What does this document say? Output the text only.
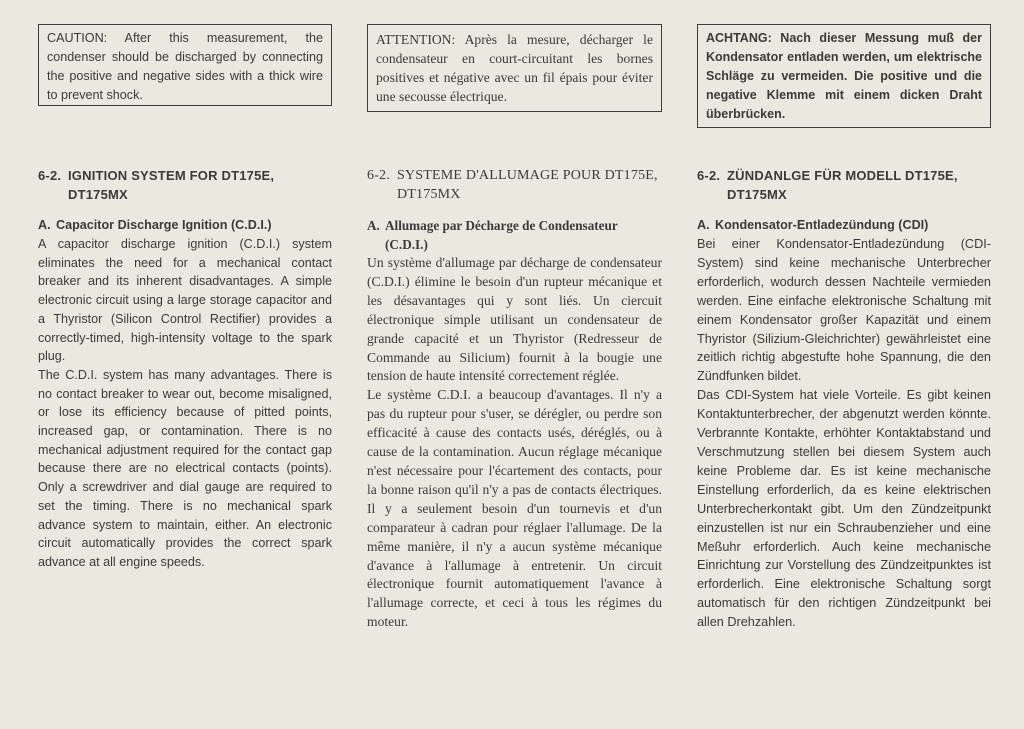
CAUTION: After this measurement, the condenser should be discharged by connecting the positive and negative sides with a thick wire to prevent shock.
6-2. IGNITION SYSTEM FOR DT175E, DT175MX
A. Capacitor Discharge Ignition (C.D.I.)

A capacitor discharge ignition (C.D.I.) system eliminates the need for a mechanical contact breaker and its inherent disadvantages. A simple electronic circuit using a large storage capacitor and a Thyristor (Silicon Control Rectifier) provides a correctly-timed, high-intensity voltage to the spark plug.

The C.D.I. system has many advantages. There is no contact breaker to wear out, become misaligned, or lose its efficiency because of pitted points, increased gap, or contamination. There is no mechanical adjustment required for the contact gap because there are no electrical contacts (points). Only a screwdriver and dial gauge are required to set the timing. There is no mechanical spark advance system to maintain, either. An electronic circuit automatically provides the correct spark advance at all engine speeds.

ATTENTION: Après la mesure, décharger le condensateur en court-circuitant les bornes positives et négative avec un fil épais pour éviter une secousse électrique.
6-2. SYSTEME D'ALLUMAGE POUR DT175E, DT175MX
A. Allumage par Décharge de Condensateur (C.D.I.)

Un système d'allumage par décharge de condensateur (C.D.I.) élimine le besoin d'un rupteur mécanique et les désavantages qui y sont liés. Un ciercuit électronique simple utilisant un condensateur de grande capacité et un Thyristor (Redresseur de Commande au Silicium) fournit à la bougie une tension de haute intensité correctement réglée.

Le système C.D.I. a beaucoup d'avantages. Il n'y a pas du rupteur pour s'user, se dérégler, ou perdre son efficacité à cause des contacts usés, déréglés, ou à cause de la contamination. Aucun réglage mécanique n'est nécessaire pour l'écartement des contacts, pour la bonne raison qu'il n'y a pas de contacts électriques. Il y a seulement besoin d'un tournevis et d'un comparateur à cadran pour réglaer l'allumage. De la même manière, il n'y a aucun système mécanique d'avance à l'allumage à entretenir. Un circuit électronique fournit automatiquement l'avance à l'allumage correcte, et ceci à tous les régimes du moteur.

ACHTANG: Nach dieser Messung muß der Kondensator entladen werden, um elektrische Schläge zu vermeiden. Die positive und die negative Klemme mit einem dicken Draht überbrücken.
6-2. ZÜNDANLGE FÜR MODELL DT175E, DT175MX
A. Kondensator-Entladezündung (CDI)

Bei einer Kondensator-Entladezündung (CDI-System) sind keine mechanische Unterbrecher erforderlich, wodurch dessen Nachteile vermieden werden. Eine einfache elektronische Schaltung mit einem Kondensator großer Kapazität und einem Thyristor (Silizium-Gleichrichter) gewährleistet eine zeitlich richtig abgestufte hohe Spannung, die den Zündfunken bildet.

Das CDI-System hat viele Vorteile. Es gibt keinen Kontaktunterbrecher, der abgenutzt werden könnte. Verbrannte Kontakte, erhöhter Kontaktabstand und Verschmutzung stellen bei diesem System auch keine Probleme dar. Es ist keine mechanische Einstellung erforderlich, da es keine elektrischen Unterbrecherkontakt gibt. Um den Zündzeitpunkt einzustellen ist nur ein Schraubenzieher und eine Meßuhr erforderlich. Auch keine mechanische Einrichtung zur Vorstellung des Zündzeitpunktes ist erforderlich. Eine elektronische Schaltung sorgt automatisch für den richtigen Zündzeitpunkt bei allen Drehzahlen.
